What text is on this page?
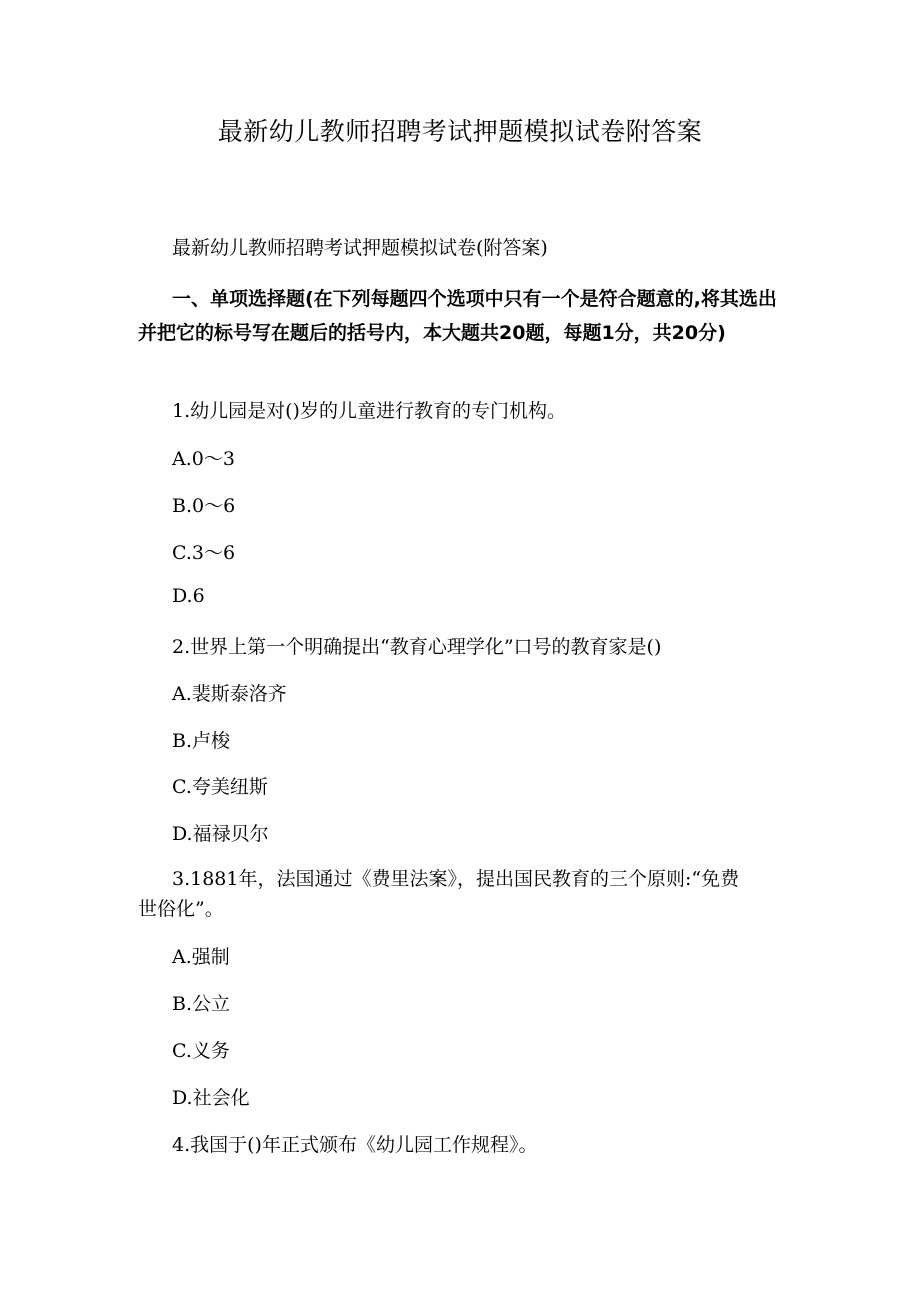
最新幼儿教师招聘考试押题模拟试卷附答案
最新幼儿教师招聘考试押题模拟试卷(附答案)
一、单项选择题(在下列每题四个选项中只有一个是符合题意的,将其选出并把它的标号写在题后的括号内，本大题共20题，每题1分，共20分)
1.幼儿园是对()岁的儿童进行教育的专门机构。
A.0～3
B.0～6
C.3～6
D.6
2.世界上第一个明确提出“教育心理学化”口号的教育家是()
A.裴斯泰洛齐
B.卢梭
C.夸美纽斯
D.福禄贝尔
3.1881年，法国通过《费里法案》，提出国民教育的三个原则:“免费世俗化”。
A.强制
B.公立
C.义务
D.社会化
4.我国于()年正式颁布《幼儿园工作规程》。
